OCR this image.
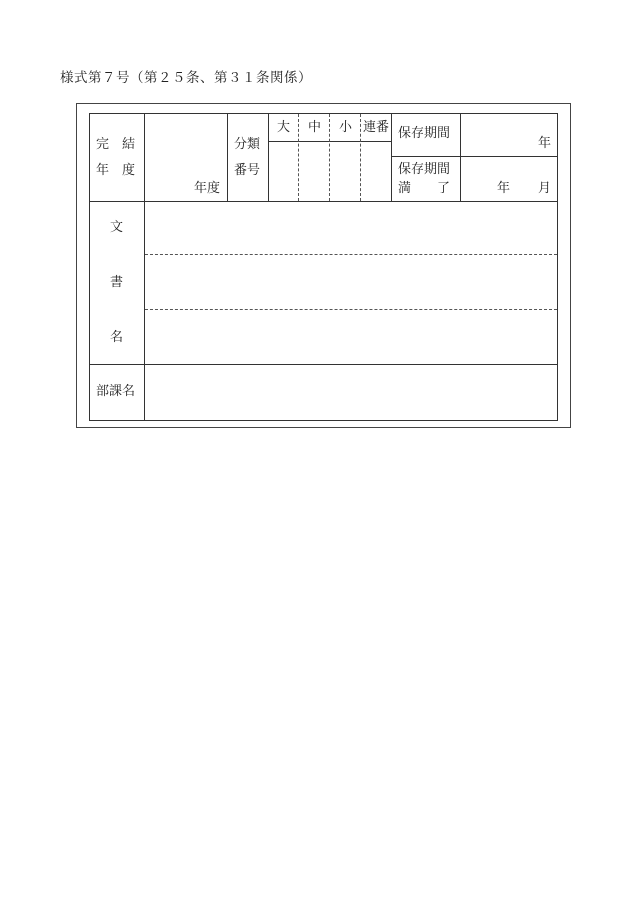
様式第７号（第２５条、第３１条関係）
完　結
年　度
年度
分類
番号
大 中 小 連番 保存期間
年
保存期間
満　　了	年 月
文
書
名
部課名
